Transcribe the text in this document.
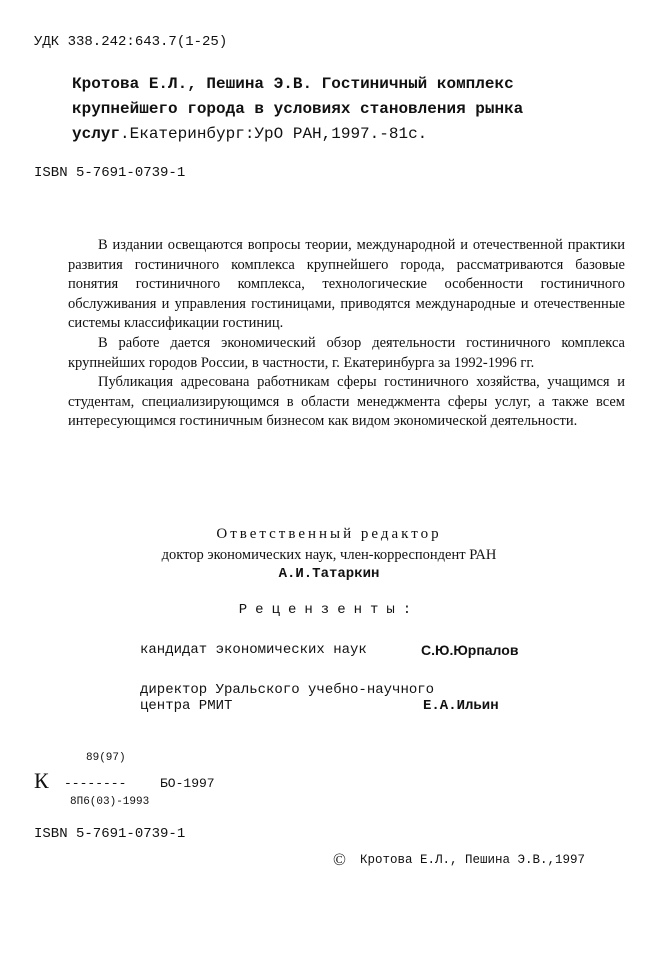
УДК 338.242:643.7(1-25)
Кротова Е.Л., Пешина Э.В. Гостиничный комплекс
крупнейшего города в условиях становления рынка
услуг.Екатеринбург:УрО РАН,1997.-81с.
ISBN 5-7691-0739-1

В издании освещаются вопросы теории, международной и отечественной практики развития гостиничного комплекса крупнейшего города, рассматриваются базовые понятия гостиничного комплекса, технологические особенности гостиничного обслуживания и управления гостиницами, приводятся международные и отечественные системы классификации гостиниц.

В работе дается экономический обзор деятельности гостиничного комплекса крупнейших городов России, в частности, г. Екатеринбурга за 1992-1996 гг.

Публикация адресована работникам сферы гостиничного хозяйства, учащимся и студентам, специализирующимся в области менеджмента сферы услуг, а также всем интересующимся гостиничным бизнесом как видом экономической деятельности.

Ответственный редактор
доктор экономических наук, член-корреспондент РАН
А.И.Татаркин
Рецензенты:
кандидат экономических наук	С.Ю.Юрпалов
директор Уральского учебно-научного
центра РМИТ	Е.А.Ильин
89(97)
К --------	БО-1997
8П6(03)-1993
ISBN 5-7691-0739-1
© Кротова Е.Л., Пешина Э.В.,1997
